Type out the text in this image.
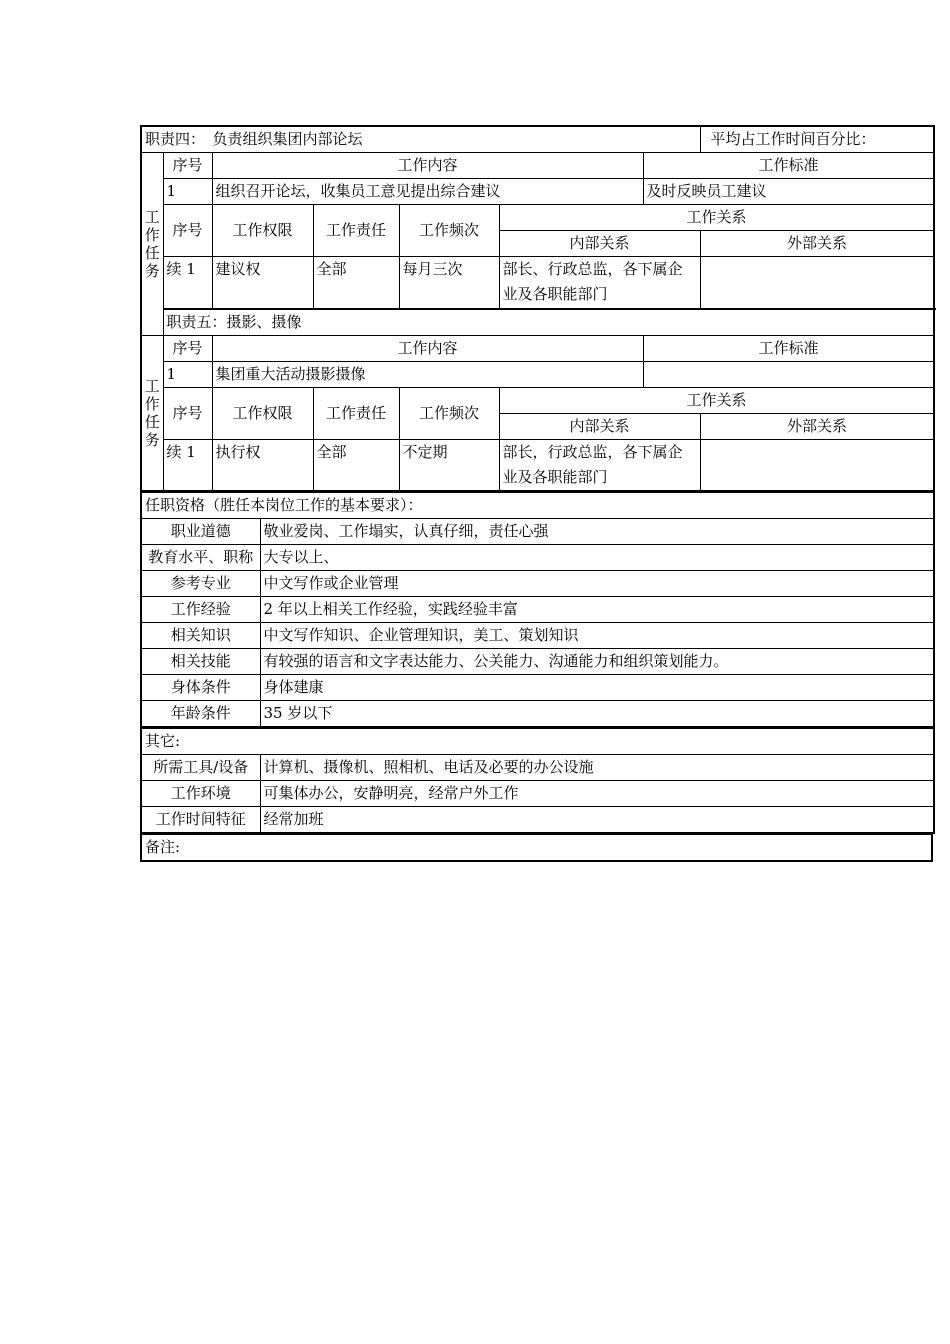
职责四：　负责组织集团内部论坛							平均占工作时间百分比：	

工作任务	序号	工作内容				工作标准		
	1	组织召开论坛，收集员工意见提出综合建议				及时反映员工建议		
	序号	工作权限	工作责任	工作频次	工作关系			
					内部关系		外部关系	
	续 1	建议权	全部	每月三次	部长、行政总监，各下属企业及各职能部门			
	职责五：摄影、摄像	

工作任务	序号	工作内容				工作标准		
	1	集团重大活动摄影摄像						
	序号	工作权限	工作责任	工作频次	工作关系			
					内部关系		外部关系	
	续 1	执行权	全部	不定期	部长，行政总监，各下属企业及各职能部门			
任职资格（胜任本岗位工作的基本要求）：	
职业道德	敬业爱岗、工作塌实，认真仔细，责任心强
教育水平、职称	大专以上、
参考专业	中文写作或企业管理
工作经验	2 年以上相关工作经验，实践经验丰富
相关知识	中文写作知识、企业管理知识，美工、策划知识
相关技能	有较强的语言和文字表达能力、公关能力、沟通能力和组织策划能力。
身体条件	身体建康
年龄条件	35 岁以下
其它:	
所需工具/设备	计算机、摄像机、照相机、电话及必要的办公设施
工作环境	可集体办公，安静明亮，经常户外工作
工作时间特征	经常加班
备注:
